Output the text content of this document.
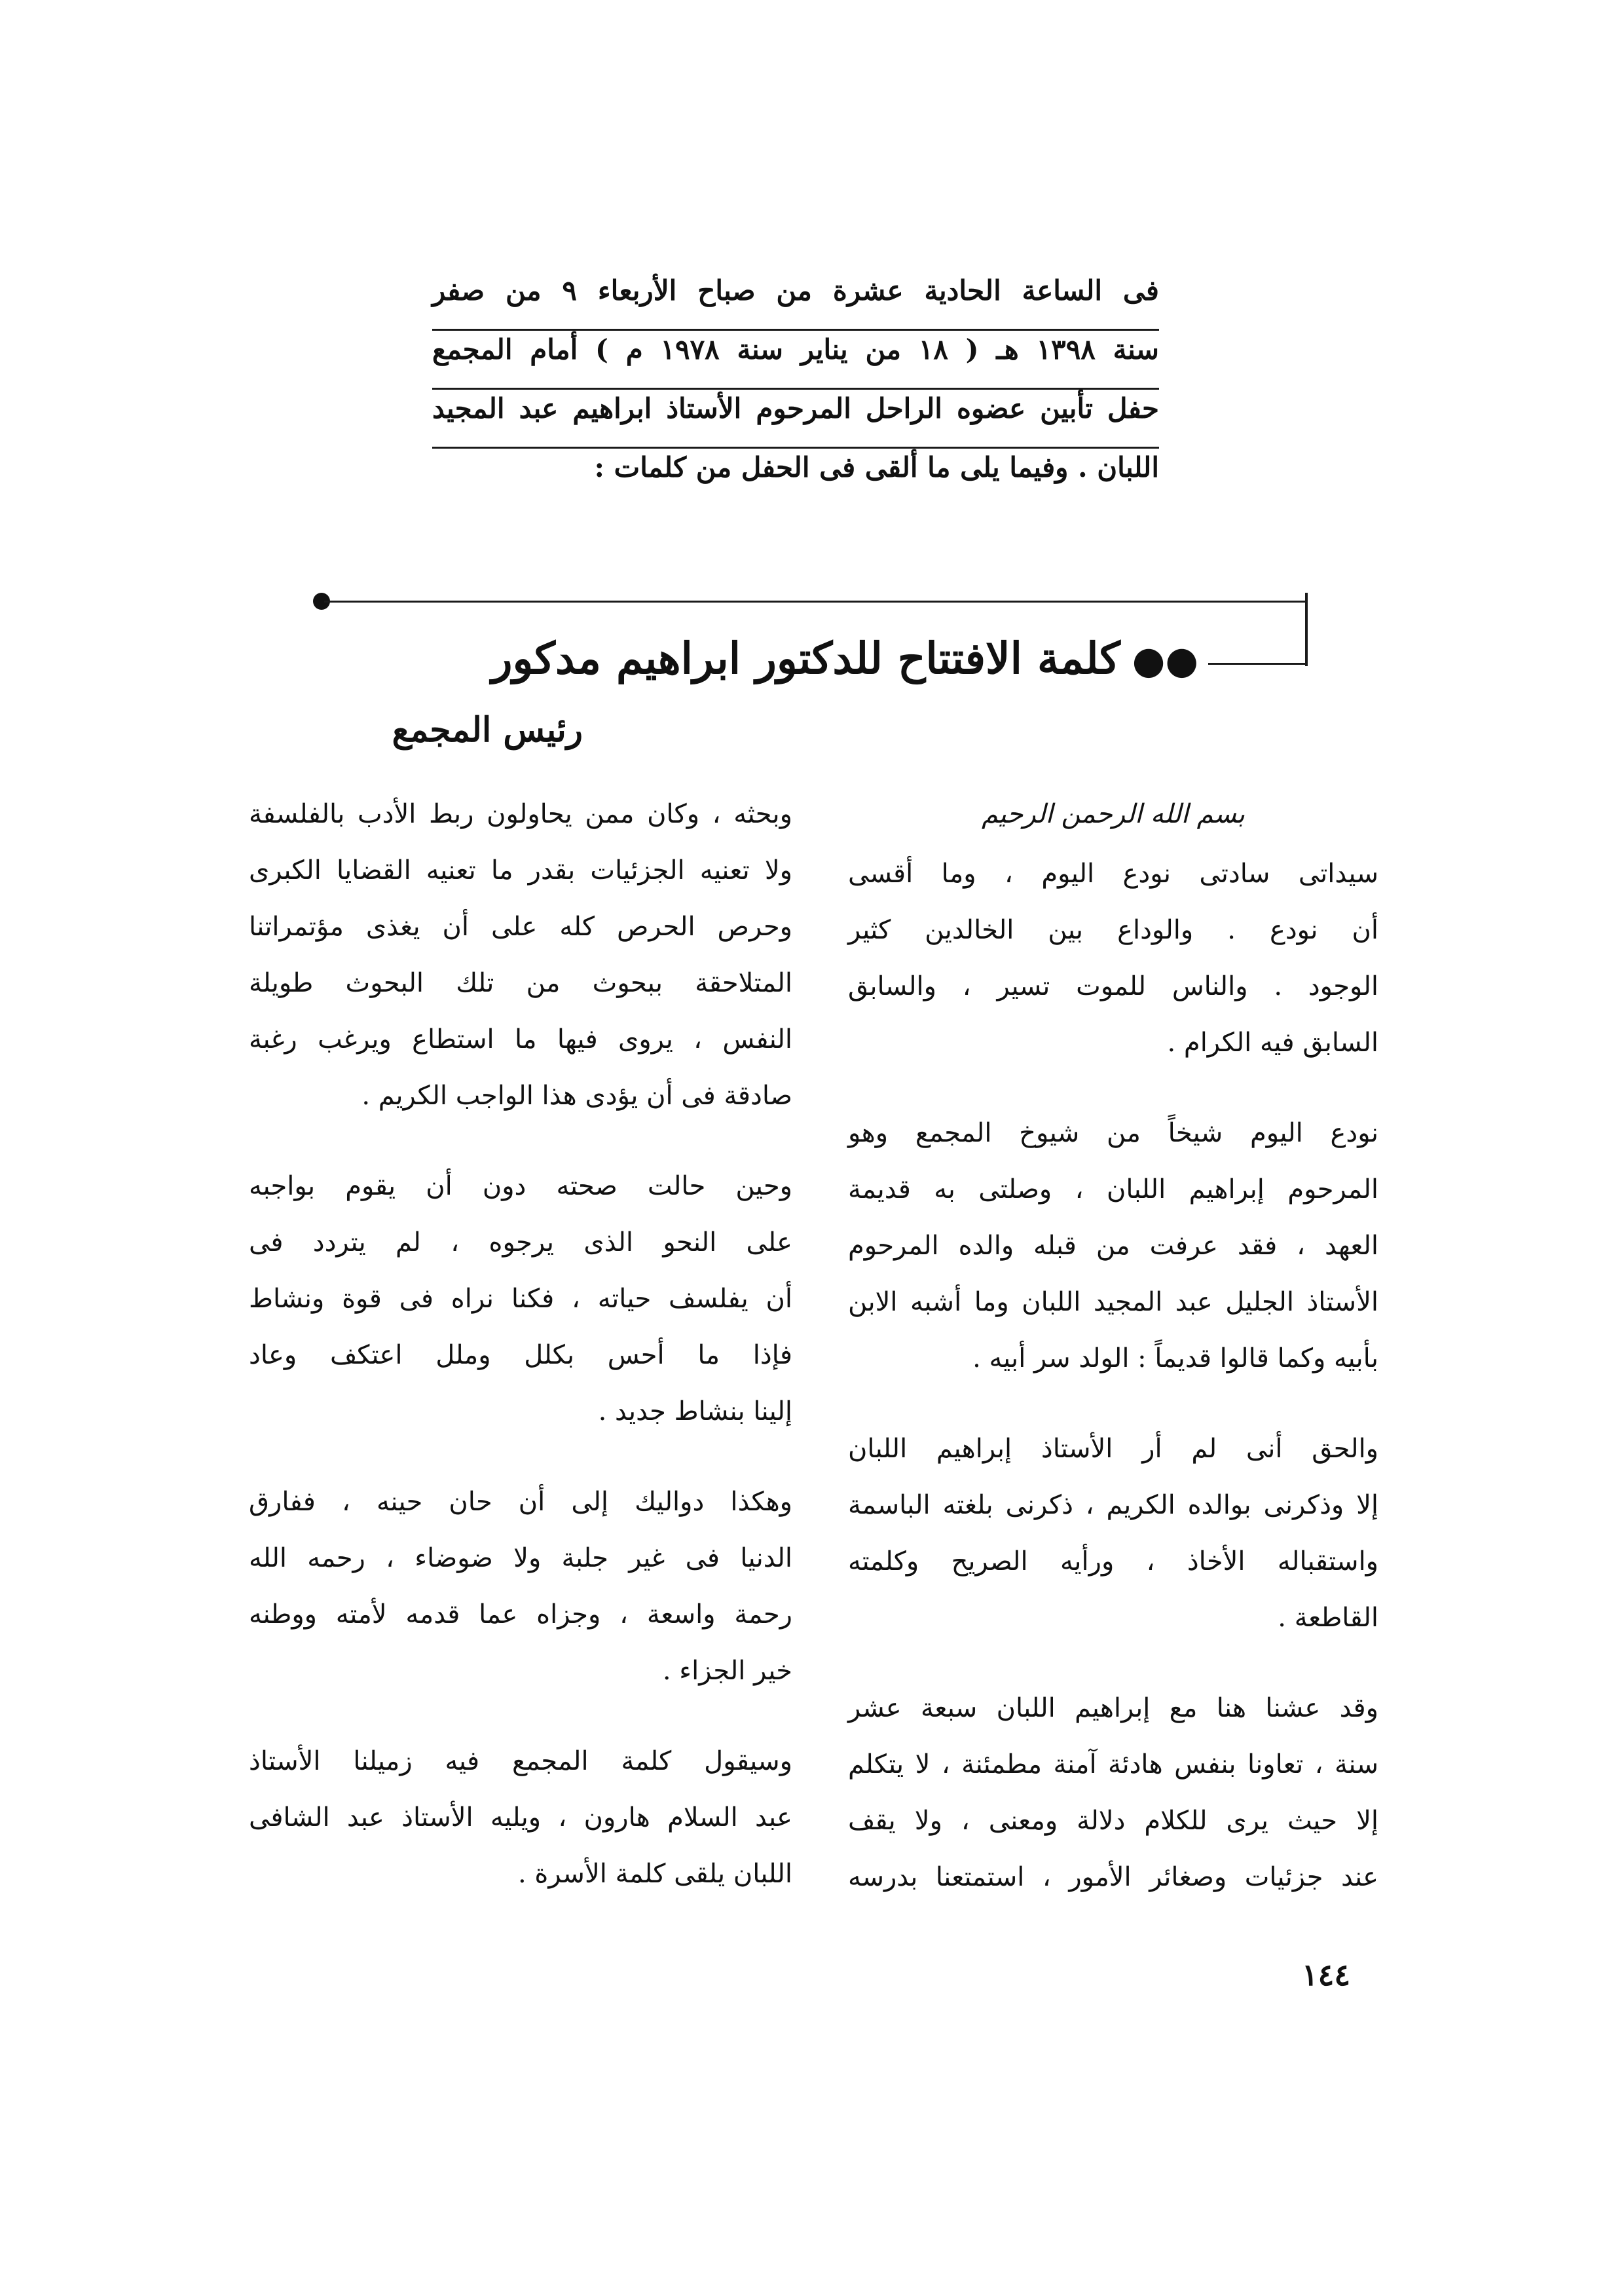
فى الساعة الحادية عشرة من صباح الأربعاء ٩ من صفر
سنة ١٣٩٨ هـ ( ١٨ من يناير سنة ١٩٧٨ م ) أمام المجمع
حفل تأبين عضوه الراحل المرحوم الأستاذ ابراهيم عبد المجيد
اللبان . وفيما يلى ما ألقى فى الحفل من كلمات :
●●كلمة الافتتاح للدكتور ابراهيم مدكور
رئيس المجمع
بسم الله الرحمن الرحيم
سيداتى سادتى نودع اليوم ، وما أقسى
أن نودع . والوداع بين الخالدين كثير
الوجود . والناس للموت تسير ، والسابق
السابق فيه الكرام .
نودع اليوم شيخاً من شيوخ المجمع وهو
المرحوم إبراهيم اللبان ، وصلتى به قديمة
العهد ، فقد عرفت من قبله والده المرحوم
الأستاذ الجليل عبد المجيد اللبان وما أشبه الابن
بأبيه وكما قالوا قديماً : الولد سر أبيه .
والحق أنى لم أر الأستاذ إبراهيم اللبان
إلا وذكرنى بوالده الكريم ، ذكرنى بلغته الباسمة
واستقباله الأخاذ ، ورأيه الصريح وكلمته
القاطعة .
وقد عشنا هنا مع إبراهيم اللبان سبعة عشر
سنة ، تعاونا بنفس هادئة آمنة مطمئنة ، لا يتكلم
إلا حيث يرى للكلام دلالة ومعنى ، ولا يقف
عند جزئيات وصغائر الأمور ، استمتعنا بدرسه
وبحثه ، وكان ممن يحاولون ربط الأدب بالفلسفة
ولا تعنيه الجزئيات بقدر ما تعنيه القضايا الكبرى
وحرص الحرص كله على أن يغذى مؤتمراتنا
المتلاحقة ببحوث من تلك البحوث طويلة
النفس ، يروى فيها ما استطاع ويرغب رغبة
صادقة فى أن يؤدى هذا الواجب الكريم .
وحين حالت صحته دون أن يقوم بواجبه
على النحو الذى يرجوه ، لم يتردد فى
أن يفلسف حياته ، فكنا نراه فى قوة ونشاط
فإذا ما أحس بكلل وملل اعتكف وعاد
إلينا بنشاط جديد .
وهكذا دواليك إلى أن حان حينه ، ففارق
الدنيا فى غير جلبة ولا ضوضاء ، رحمه الله
رحمة واسعة ، وجزاه عما قدمه لأمته ووطنه
خير الجزاء .
وسيقول كلمة المجمع فيه زميلنا الأستاذ
عبد السلام هارون ، ويليه الأستاذ عبد الشافى
اللبان يلقى كلمة الأسرة .
١٤٤
